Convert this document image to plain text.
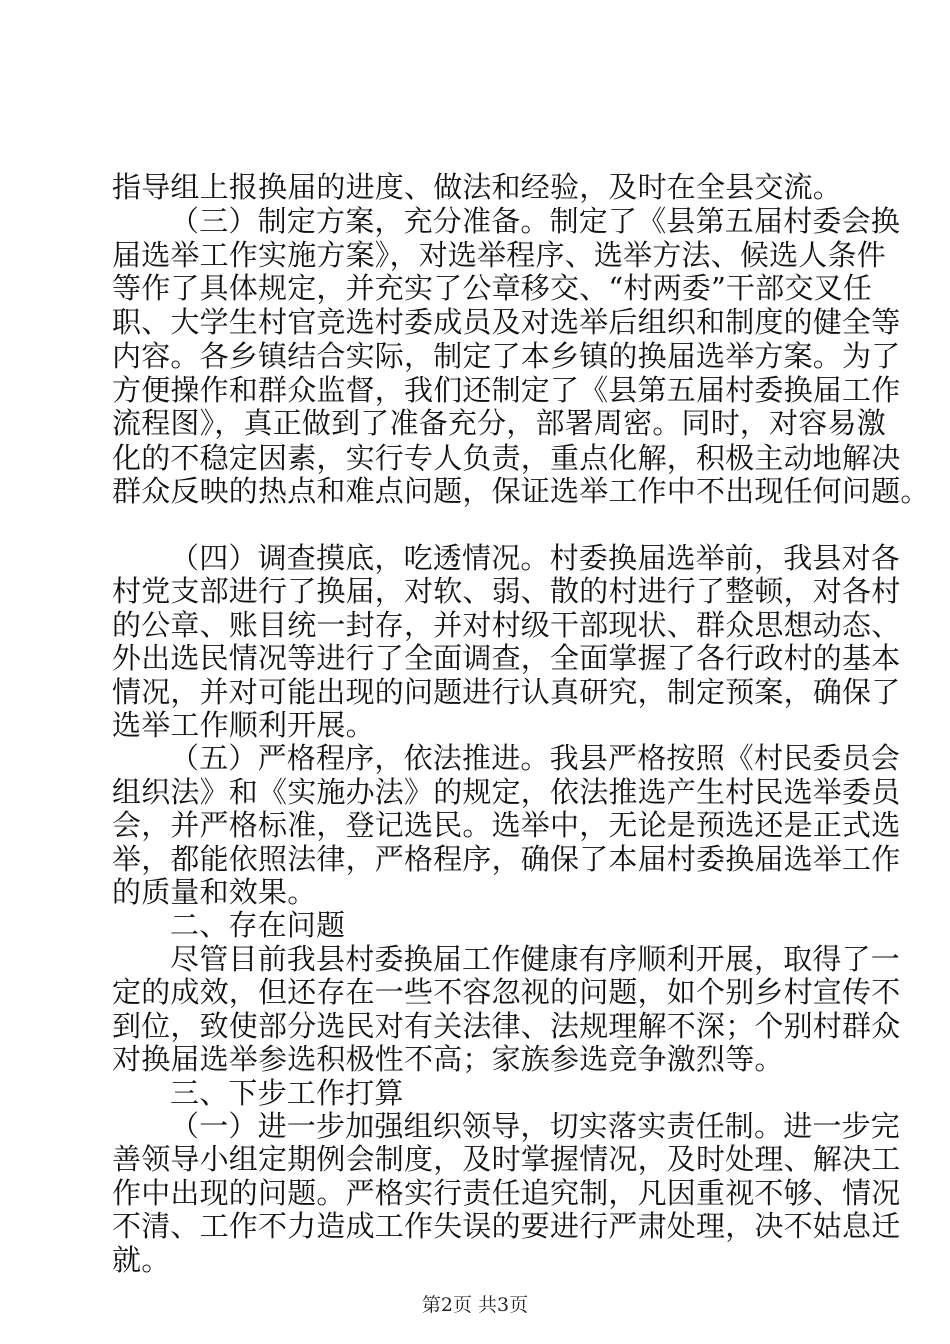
指导组上报换届的进度、做法和经验，及时在全县交流。
（三）制定方案，充分准备。制定了《县第五届村委会换
届选举工作实施方案》，对选举程序、选举方法、候选人条件
等作了具体规定，并充实了公章移交、“村两委”干部交叉任
职、大学生村官竞选村委成员及对选举后组织和制度的健全等
内容。各乡镇结合实际，制定了本乡镇的换届选举方案。为了
方便操作和群众监督，我们还制定了《县第五届村委换届工作
流程图》，真正做到了准备充分，部署周密。同时，对容易激
化的不稳定因素，实行专人负责，重点化解，积极主动地解决
群众反映的热点和难点问题，保证选举工作中不出现任何问题。
（四）调查摸底，吃透情况。村委换届选举前，我县对各
村党支部进行了换届，对软、弱、散的村进行了整顿，对各村
的公章、账目统一封存，并对村级干部现状、群众思想动态、
外出选民情况等进行了全面调查，全面掌握了各行政村的基本
情况，并对可能出现的问题进行认真研究，制定预案，确保了
选举工作顺利开展。
（五）严格程序，依法推进。我县严格按照《村民委员会
组织法》和《实施办法》的规定，依法推选产生村民选举委员
会，并严格标准，登记选民。选举中，无论是预选还是正式选
举，都能依照法律，严格程序，确保了本届村委换届选举工作
的质量和效果。
二、存在问题
尽管目前我县村委换届工作健康有序顺利开展，取得了一
定的成效，但还存在一些不容忽视的问题，如个别乡村宣传不
到位，致使部分选民对有关法律、法规理解不深；个别村群众
对换届选举参选积极性不高；家族参选竞争激烈等。
三、下步工作打算
（一）进一步加强组织领导，切实落实责任制。进一步完
善领导小组定期例会制度，及时掌握情况，及时处理、解决工
作中出现的问题。严格实行责任追究制，凡因重视不够、情况
不清、工作不力造成工作失误的要进行严肃处理，决不姑息迁
就。
第2页 共3页
